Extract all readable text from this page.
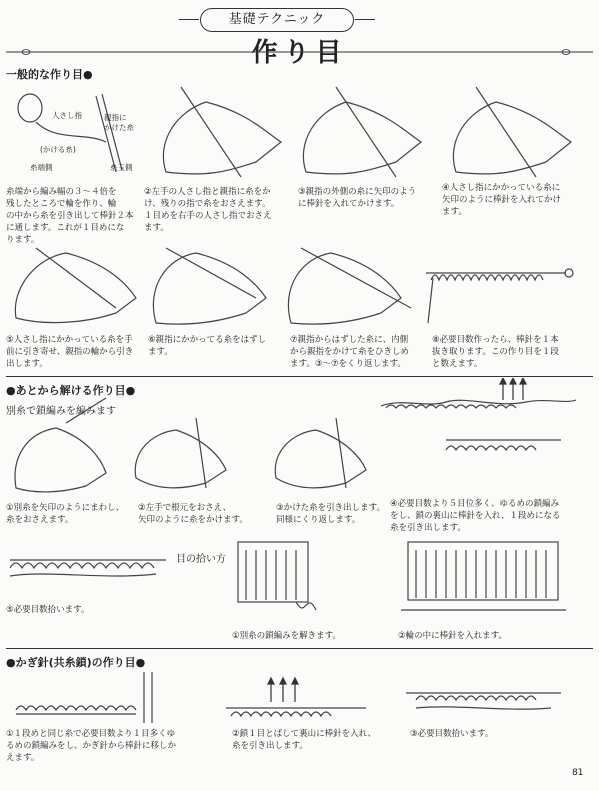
基礎テクニック
作り目
一般的な作り目●
人さし指	親指に
かけた糸
(かける糸)
糸端側	糸玉側
糸端から編み幅の３～４倍を
残したところで輪を作り、輪
の中から糸を引き出して棒針２本
に通します。これが１目めにな
ります。
②左手の人さし指と親指に糸をか
け、残りの指で糸をおさえます。
１目めを右手の人さし指でおさえ
ます。
③親指の外側の糸に矢印のよう
に棒針を入れてかけます。
④人さし指にかかっている糸に
矢印のように棒針を入れてかけ
ます。
⑤人さし指にかかっている糸を手
前に引き寄せ、親指の輪から引き
出します。
⑥親指にかかってる糸をはずし
ます。
⑦親指からはずした糸に、内側
から親指をかけて糸をひきしめ
ます。③～⑦をくり返します。
⑧必要目数作ったら、棒針を１本
抜き取ります。この作り目を１段
と数えます。
●あとから解ける作り目●
別糸で鎖編みを編みます
①別糸を矢印のようにまわし、
糸をおさえます。
②左手で根元をおさえ、
矢印のように糸をかけます。
③かけた糸を引き出します。
同様にくり返します。
④必要目数より５目位多く、ゆるめの鎖編み
をし、鎖の裏山に棒針を入れ、１段めになる
糸を引き出します。
目の拾い方
⑤必要目数拾います。
①別糸の鎖編みを解きます。	②輪の中に棒針を入れます。
●かぎ針(共糸鎖)の作り目●
①１段めと同じ糸で必要目数より１目多くゆ
るめの鎖編みをし、かぎ針から棒針に移しか
えます。
②鎖１目とばして裏山に棒針を入れ、
糸を引き出します。
③必要目数拾います。
81
